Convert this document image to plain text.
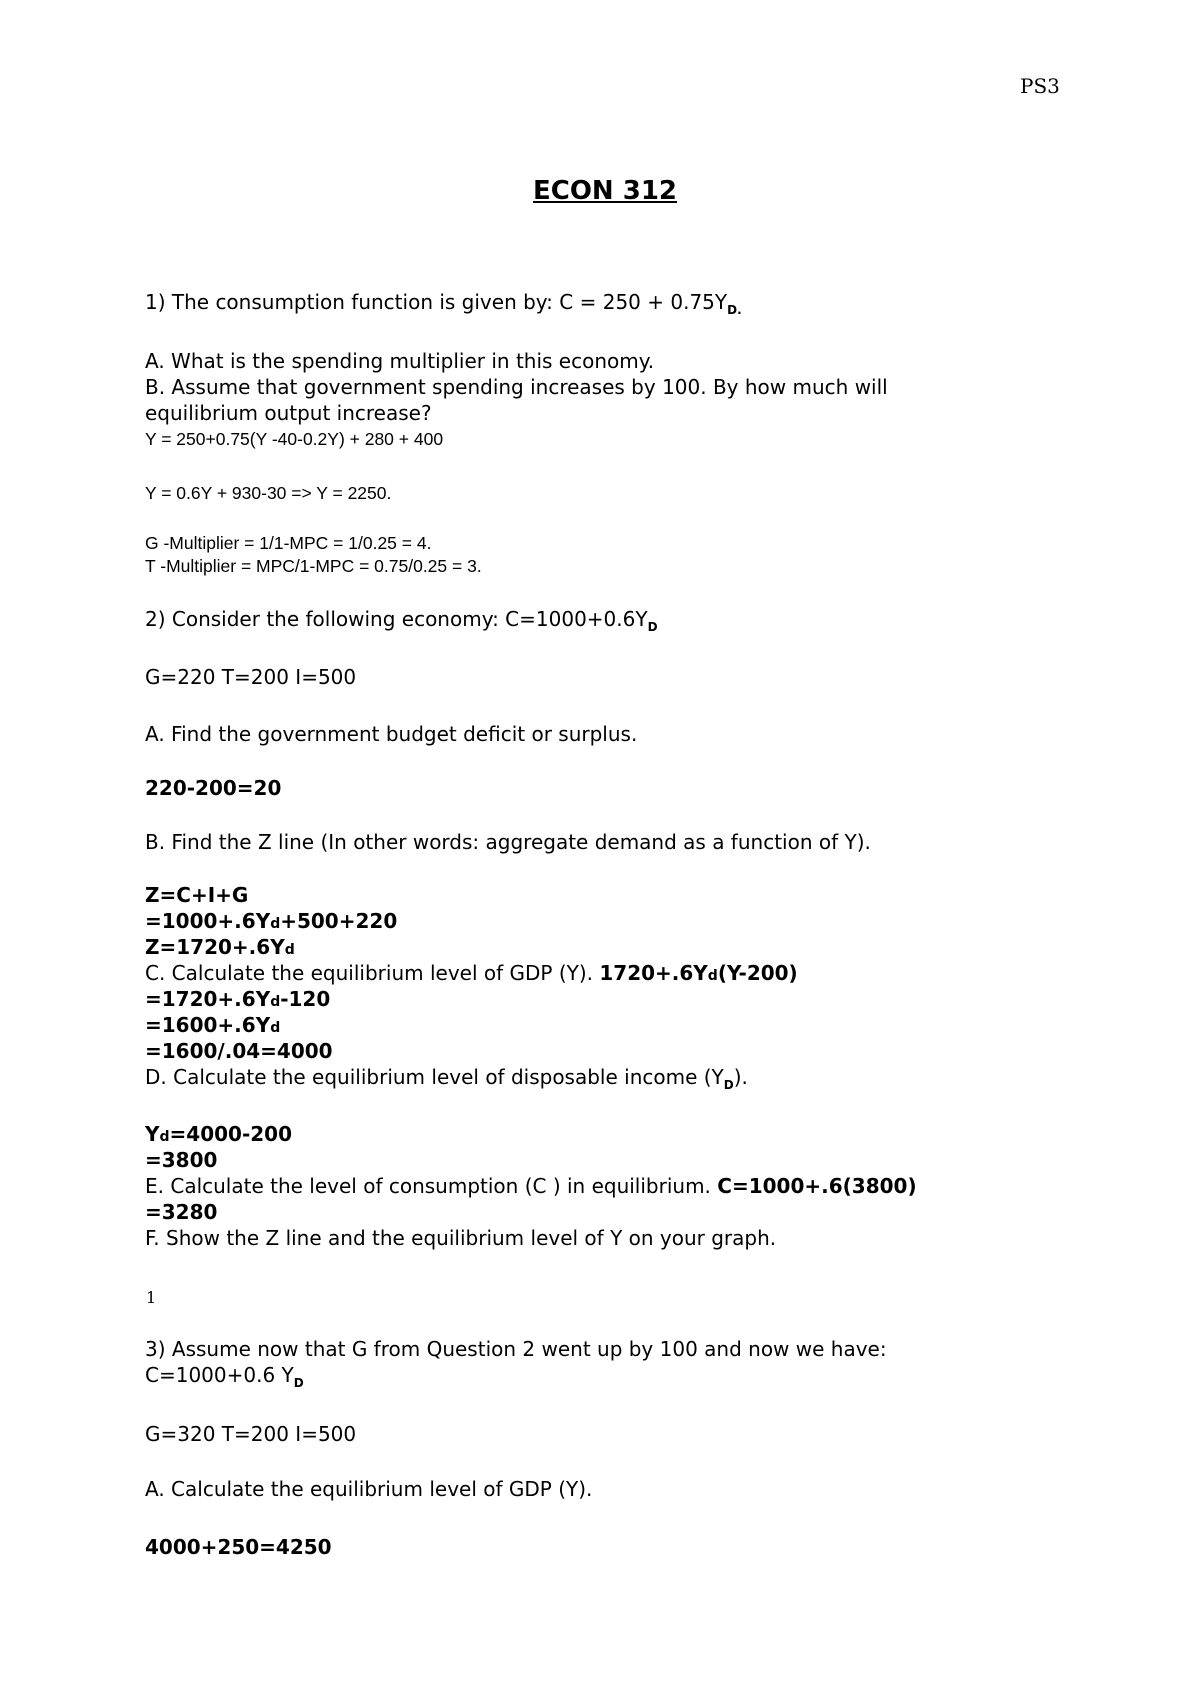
PS3
ECON 312
1) The consumption function is given by: $C = 250 + 0.75Y_{D.}$
A. What is the spending multiplier in this economy.
B. Assume that government spending increases by 100. By how much will
equilibrium output increase?
Y = 250+0.75(Y -40-0.2Y) + 280 + 400
Y = 0.6Y + 930-30 => Y = 2250.
G -Multiplier = 1/1-MPC = 1/0.25 = 4.
T -Multiplier = MPC/1-MPC = 0.75/0.25 = 3.
2) Consider the following economy: $C=1000+0.6Y_D$
G=220 T=200 I=500
A. Find the government budget deficit or surplus.
220-200=20
B. Find the Z line (In other words: aggregate demand as a function of Y).
Z=C+I+G
=1000+.6Yd+500+220
Z=1720+.6Yd
C. Calculate the equilibrium level of GDP (Y). 1720+.6Yd(Y-200)
=1720+.6Yd-120
=1600+.6Yd
=1600/.04=4000
D. Calculate the equilibrium level of disposable income $(Y_D)$.
Yd=4000-200
=3800
E. Calculate the level of consumption (C ) in equilibrium. C=1000+.6(3800)
=3280
F. Show the Z line and the equilibrium level of Y on your graph.
1
3) Assume now that G from Question 2 went up by 100 and now we have:
C=1000+0.6 $Y_D$
G=320 T=200 I=500
A. Calculate the equilibrium level of GDP (Y).
4000+250=4250
